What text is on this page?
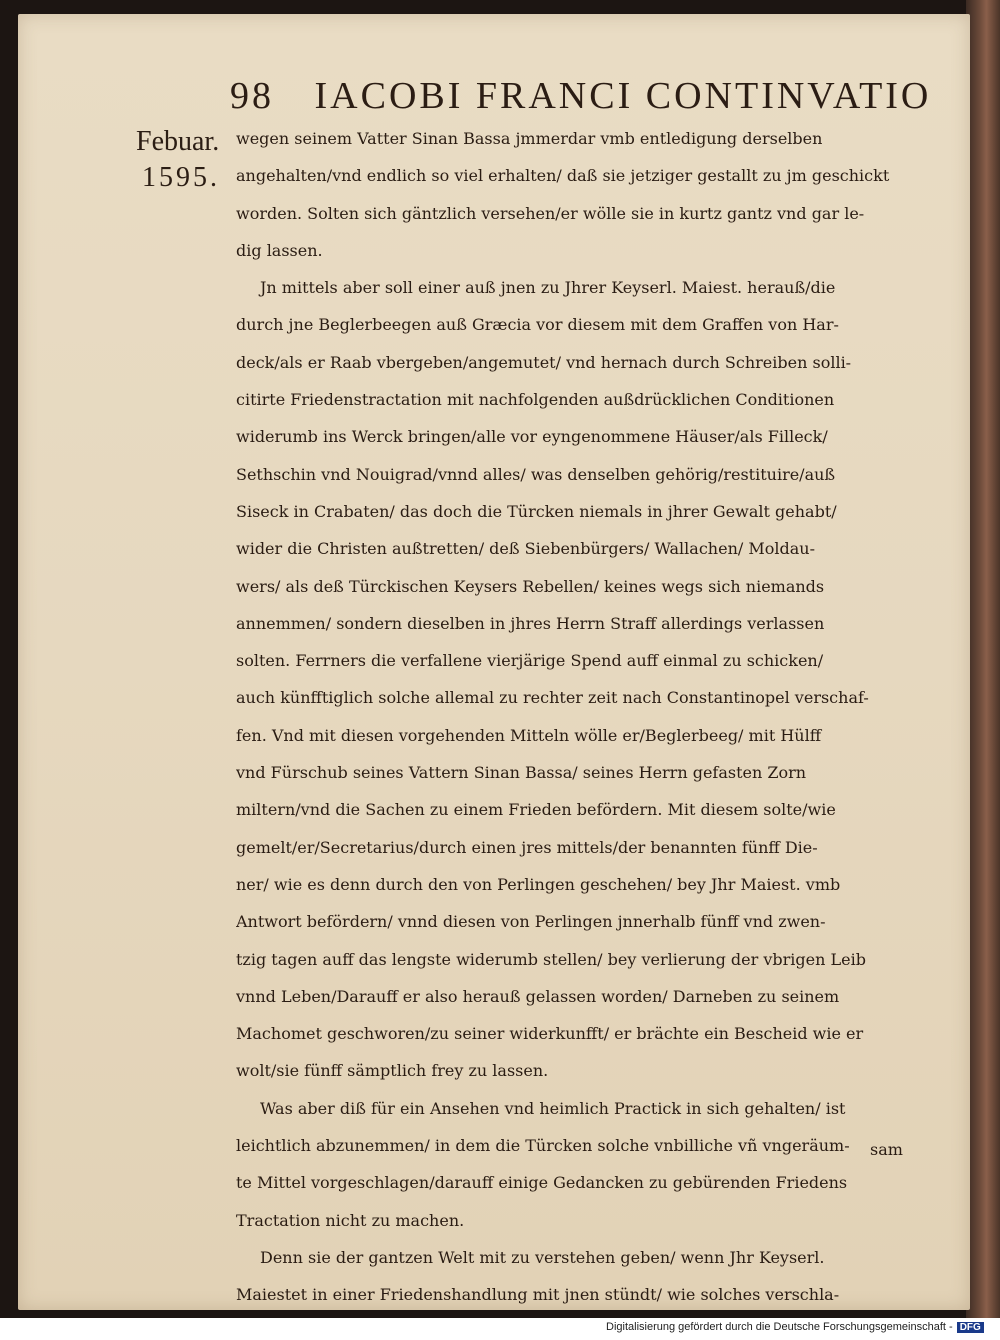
98 IACOBI FRANCI CONTINVATIO
Febuar.
1595.
wegen seinem Vatter Sinan Bassa jmmerdar vmb entledigung derselben
angehalten/vnd endlich so viel erhalten/ daß sie jetziger gestallt zu jm geschickt
worden. Solten sich gäntzlich versehen/er wölle sie in kurtz gantz vnd gar le-
dig lassen.
Jn mittels aber soll einer auß jnen zu Jhrer Keyserl. Maiest. herauß/die
durch jne Beglerbeegen auß Græcia vor diesem mit dem Graffen von Har-
deck/als er Raab vbergeben/angemutet/ vnd hernach durch Schreiben solli-
citirte Friedenstractation mit nachfolgenden außdrücklichen Conditionen
widerumb ins Werck bringen/alle vor eyngenommene Häuser/als Filleck/
Sethschin vnd Nouigrad/vnnd alles/ was denselben gehörig/restituire/auß
Siseck in Crabaten/ das doch die Türcken niemals in jhrer Gewalt gehabt/
wider die Christen außtretten/ deß Siebenbürgers/ Wallachen/ Moldau-
wers/ als deß Türckischen Keysers Rebellen/ keines wegs sich niemands
annemmen/ sondern dieselben in jhres Herrn Straff allerdings verlassen
solten. Ferrners die verfallene vierjärige Spend auff einmal zu schicken/
auch künfftiglich solche allemal zu rechter zeit nach Constantinopel verschaf-
fen. Vnd mit diesen vorgehenden Mitteln wölle er/Beglerbeeg/ mit Hülff
vnd Fürschub seines Vattern Sinan Bassa/ seines Herrn gefasten Zorn
miltern/vnd die Sachen zu einem Frieden befördern. Mit diesem solte/wie
gemelt/er/Secretarius/durch einen jres mittels/der benannten fünff Die-
ner/ wie es denn durch den von Perlingen geschehen/ bey Jhr Maiest. vmb
Antwort befördern/ vnnd diesen von Perlingen jnnerhalb fünff vnd zwen-
tzig tagen auff das lengste widerumb stellen/ bey verlierung der vbrigen Leib
vnnd Leben/Darauff er also herauß gelassen worden/ Darneben zu seinem
Machomet geschworen/zu seiner widerkunfft/ er brächte ein Bescheid wie er
wolt/sie fünff sämptlich frey zu lassen.
Was aber diß für ein Ansehen vnd heimlich Practick in sich gehalten/ ist
leichtlich abzunemmen/ in dem die Türcken solche vnbilliche vñ vngeräum-
te Mittel vorgeschlagen/darauff einige Gedancken zu gebürenden Friedens
Tractation nicht zu machen.
Denn sie der gantzen Welt mit zu verstehen geben/ wenn Jhr Keyserl.
Maiestet in einer Friedenshandlung mit jnen stündt/ wie solches verschla-
sam
Digitalisierung gefördert durch die Deutsche Forschungsgemeinschaft - DFG
